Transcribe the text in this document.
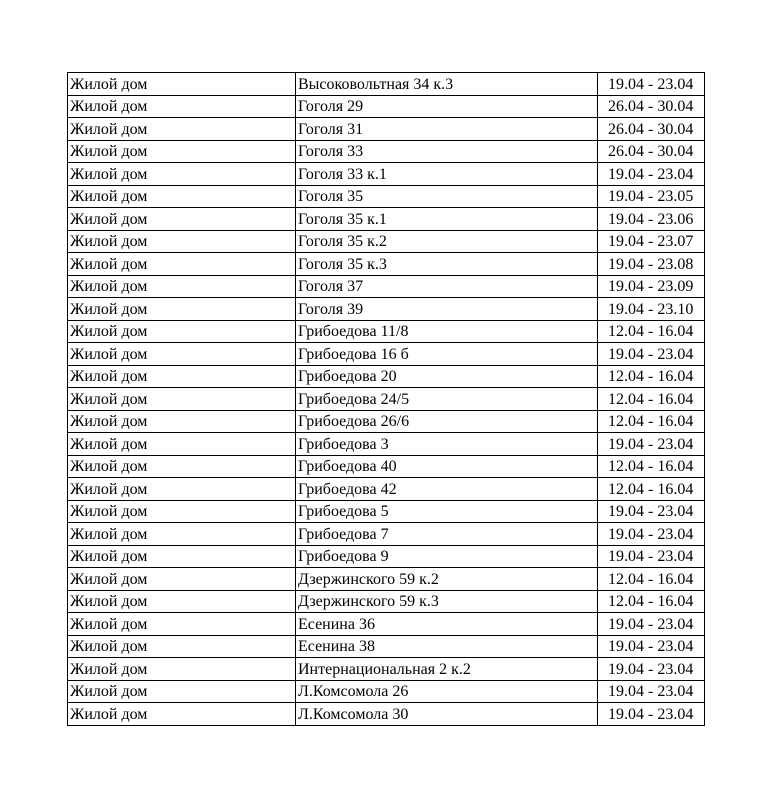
Жилой дом	Высоковольтная 34 к.3	19.04 - 23.04
Жилой дом	Гоголя 29	26.04 - 30.04
Жилой дом	Гоголя 31	26.04 - 30.04
Жилой дом	Гоголя 33	26.04 - 30.04
Жилой дом	Гоголя 33 к.1	19.04 - 23.04
Жилой дом	Гоголя 35	19.04 - 23.05
Жилой дом	Гоголя 35 к.1	19.04 - 23.06
Жилой дом	Гоголя 35 к.2	19.04 - 23.07
Жилой дом	Гоголя 35 к.3	19.04 - 23.08
Жилой дом	Гоголя 37	19.04 - 23.09
Жилой дом	Гоголя 39	19.04 - 23.10
Жилой дом	Грибоедова 11/8	12.04 - 16.04
Жилой дом	Грибоедова 16 б	19.04 - 23.04
Жилой дом	Грибоедова 20	12.04 - 16.04
Жилой дом	Грибоедова 24/5	12.04 - 16.04
Жилой дом	Грибоедова 26/6	12.04 - 16.04
Жилой дом	Грибоедова 3	19.04 - 23.04
Жилой дом	Грибоедова 40	12.04 - 16.04
Жилой дом	Грибоедова 42	12.04 - 16.04
Жилой дом	Грибоедова 5	19.04 - 23.04
Жилой дом	Грибоедова 7	19.04 - 23.04
Жилой дом	Грибоедова 9	19.04 - 23.04
Жилой дом	Дзержинского 59 к.2	12.04 - 16.04
Жилой дом	Дзержинского 59 к.3	12.04 - 16.04
Жилой дом	Есенина 36	19.04 - 23.04
Жилой дом	Есенина 38	19.04 - 23.04
Жилой дом	Интернациональная 2 к.2	19.04 - 23.04
Жилой дом	Л.Комсомола 26	19.04 - 23.04
Жилой дом	Л.Комсомола 30	19.04 - 23.04
